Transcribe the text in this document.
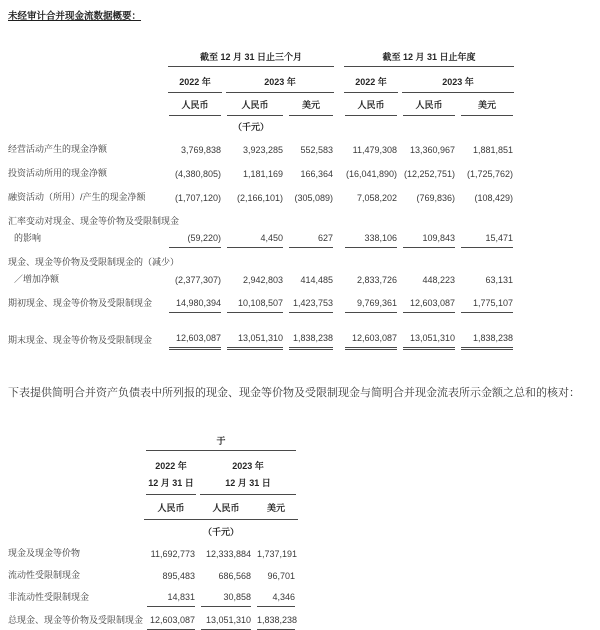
未经审计合并现金流数据概要：

	截至 12 月 31 日止三个月				截至 12 月 31 日止年度		

	2022 年	2023 年			2022 年	2023 年	

	人民币	人民币	美元		人民币	人民币	美元

	（千元）						

经营活动产生的现金净额	3,769,838	3,923,285	552,583		11,479,308	13,360,967	1,881,851

投资活动所用的现金净额	(4,380,805)	1,181,169	166,364		(16,041,890)	(12,252,751)	(1,725,762)

融资活动（所用）/产生的现金净额	(1,707,120)	(2,166,101)	(305,089)		7,058,202	(769,836)	(108,429)

汇率变动对现金、现金等价物及受限制现金							

的影响	(59,220)	4,450	627		338,106	109,843	15,471

现金、现金等价物及受限制现金的（减少）							

／增加净额	(2,377,307)	2,942,803	414,485		2,833,726	448,223	63,131

期初现金、现金等价物及受限制现金	14,980,394	10,108,507	1,423,753		9,769,361	12,603,087	1,775,107

期末现金、现金等价物及受限制现金	12,603,087	13,051,310	1,838,238		12,603,087	13,051,310	1,838,238
下表提供简明合并资产负债表中所列报的现金、现金等价物及受限制现金与简明合并现金流表所示金额之总和的核对：

	于		

	2022 年	2023 年	

	12 月 31 日	12 月 31 日	

	人民币	人民币	美元

	（千元）		

现金及现金等价物	11,692,773	12,333,884	1,737,191

流动性受限制现金	895,483	686,568	96,701

非流动性受限制现金	14,831	30,858	4,346

总现金、现金等价物及受限制现金	12,603,087	13,051,310	1,838,238
